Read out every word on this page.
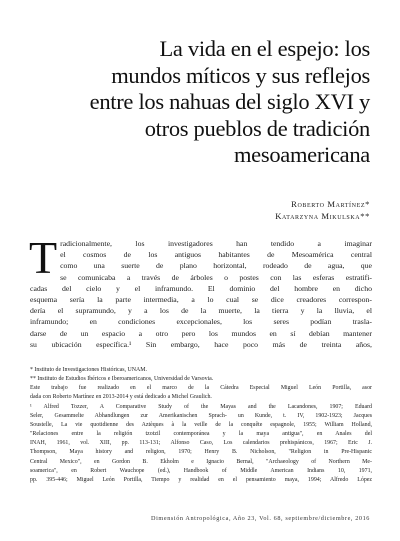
La vida en el espejo: los
mundos míticos y sus reflejos
entre los nahuas del siglo XVI y
otros pueblos de tradición
mesoamericana
Roberto Martínez*
Katarzyna Mikulska**
T radicionalmente, los investigadores han tendido a imaginar
el cosmos de los antiguos habitantes de Mesoamérica central
como una suerte de plano horizontal, rodeado de agua, que
se comunicaba a través de árboles o postes con las esferas estratifi-
cadas del cielo y el inframundo. El dominio del hombre en dicho
esquema sería la parte intermedia, a lo cual se dice creadores correspon-
dería el supramundo, y a los de la muerte, la tierra y la lluvia, el
inframundo; en condiciones excepcionales, los seres podían trasla-
darse de un espacio a otro pero los mundos en sí debían mantener
su ubicación específica.¹ Sin embargo, hace poco más de treinta años,
* Instituto de Investigaciones Históricas, UNAM.
** Instituto de Estudios Ibéricos e Iberoamericanos, Universidad de Varsovia.
Este trabajo fue realizado en el marco de la Cátedra Especial Miguel León Portilla, asor
dada con Roberto Martínez en 2013-2014 y está dedicado a Michel Graulich.
¹ Alfred Tozzer, A Comparative Study of the Mayas and the Lacandones, 1907; Eduard
Seler, Gesammelte Abhandlungen zur Amerikanischen Sprach- un Kunde, t. IV, 1902-1923; Jacques
Soustelle, La vie quotidienne des Aztèques à la veille de la conquête espagnole, 1955; William Holland,
"Relaciones entre la religión tzotzil contemporánea y la maya antigua", en Anales del
INAH, 1961, vol. XIII, pp. 113-131; Alfonso Caso, Los calendarios prehispánicos, 1967; Eric J.
Thompson, Maya history and religion, 1970; Henry B. Nicholson, "Religion in Pre-Hispanic
Central Mexico", en Gordon B. Ekholm e Ignacio Bernal, "Archaeology of Northern Me-
soamerica", en Robert Wauchope (ed.), Handbook of Middle American Indians 10, 1971,
pp. 395-446; Miguel León Portilla, Tiempo y realidad en el pensamiento maya, 1994; Alfredo López
Dimensión Antropológica, Año 23, Vol. 68, septiembre/diciembre, 2016
